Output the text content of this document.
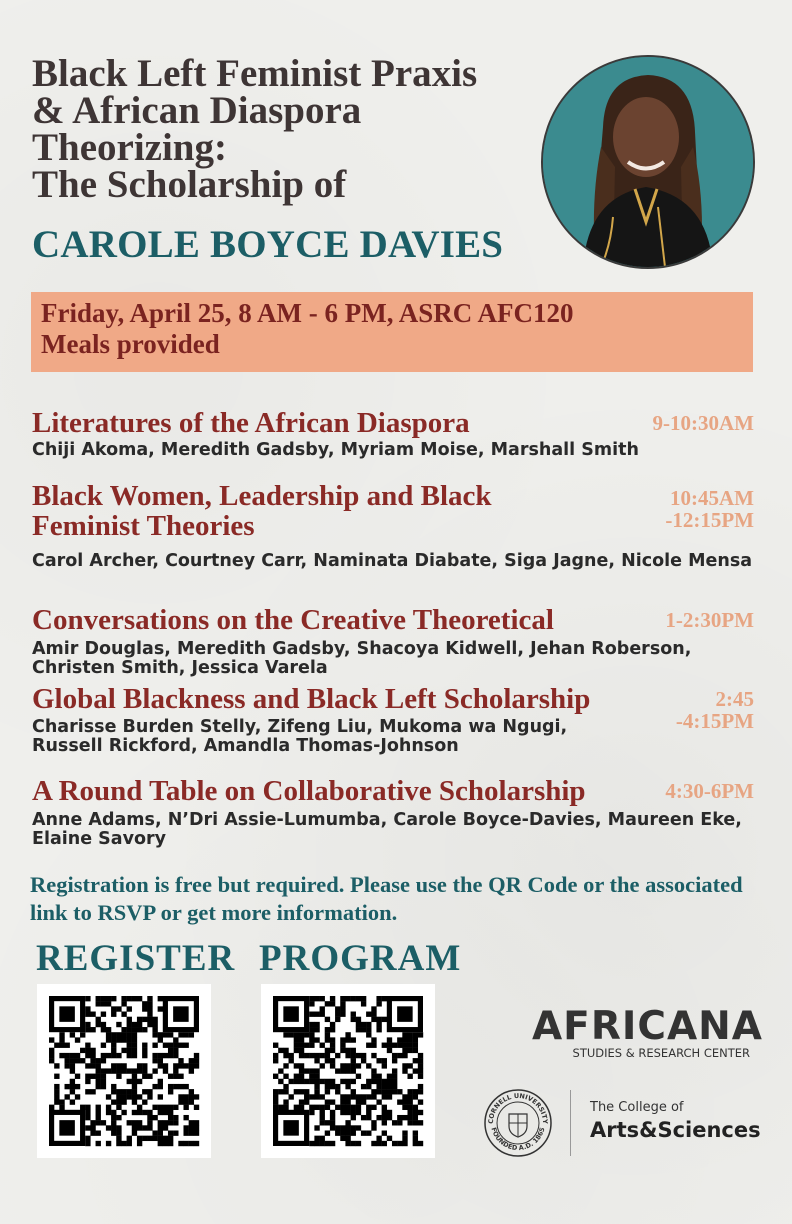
Black Left Feminist Praxis
& African Diaspora
Theorizing:
The Scholarship of
CAROLE BOYCE DAVIES
Friday, April 25, 8 AM - 6 PM, ASRC AFC120
Meals provided
Literatures of the African Diaspora	9-10:30AM
Chiji Akoma, Meredith Gadsby, Myriam Moise, Marshall Smith
Black Women, Leadership and Black
Feminist Theories
10:45AM
-12:15PM
Carol Archer, Courtney Carr, Naminata Diabate, Siga Jagne, Nicole Mensa
Conversations on the Creative Theoretical	1-2:30PM
Amir Douglas, Meredith Gadsby, Shacoya Kidwell, Jehan Roberson, Christen Smith, Jessica Varela
Global Blackness and Black Left Scholarship	2:45
-4:15PM
Charisse Burden Stelly, Zifeng Liu, Mukoma wa Ngugi,
Russell Rickford, Amandla Thomas-Johnson
A Round Table on Collaborative Scholarship	4:30-6PM
Anne Adams, N’Dri Assie-Lumumba, Carole Boyce-Davies, Maureen Eke, Elaine Savory
Registration is free but required. Please use the QR Code or the associated link to RSVP or get more information.
REGISTER PROGRAM
AFRICANA
STUDIES & RESEARCH CENTER
CORNELL UNIVERSITY
FOUNDED A.D. 1865
The College of
Arts&Sciences
